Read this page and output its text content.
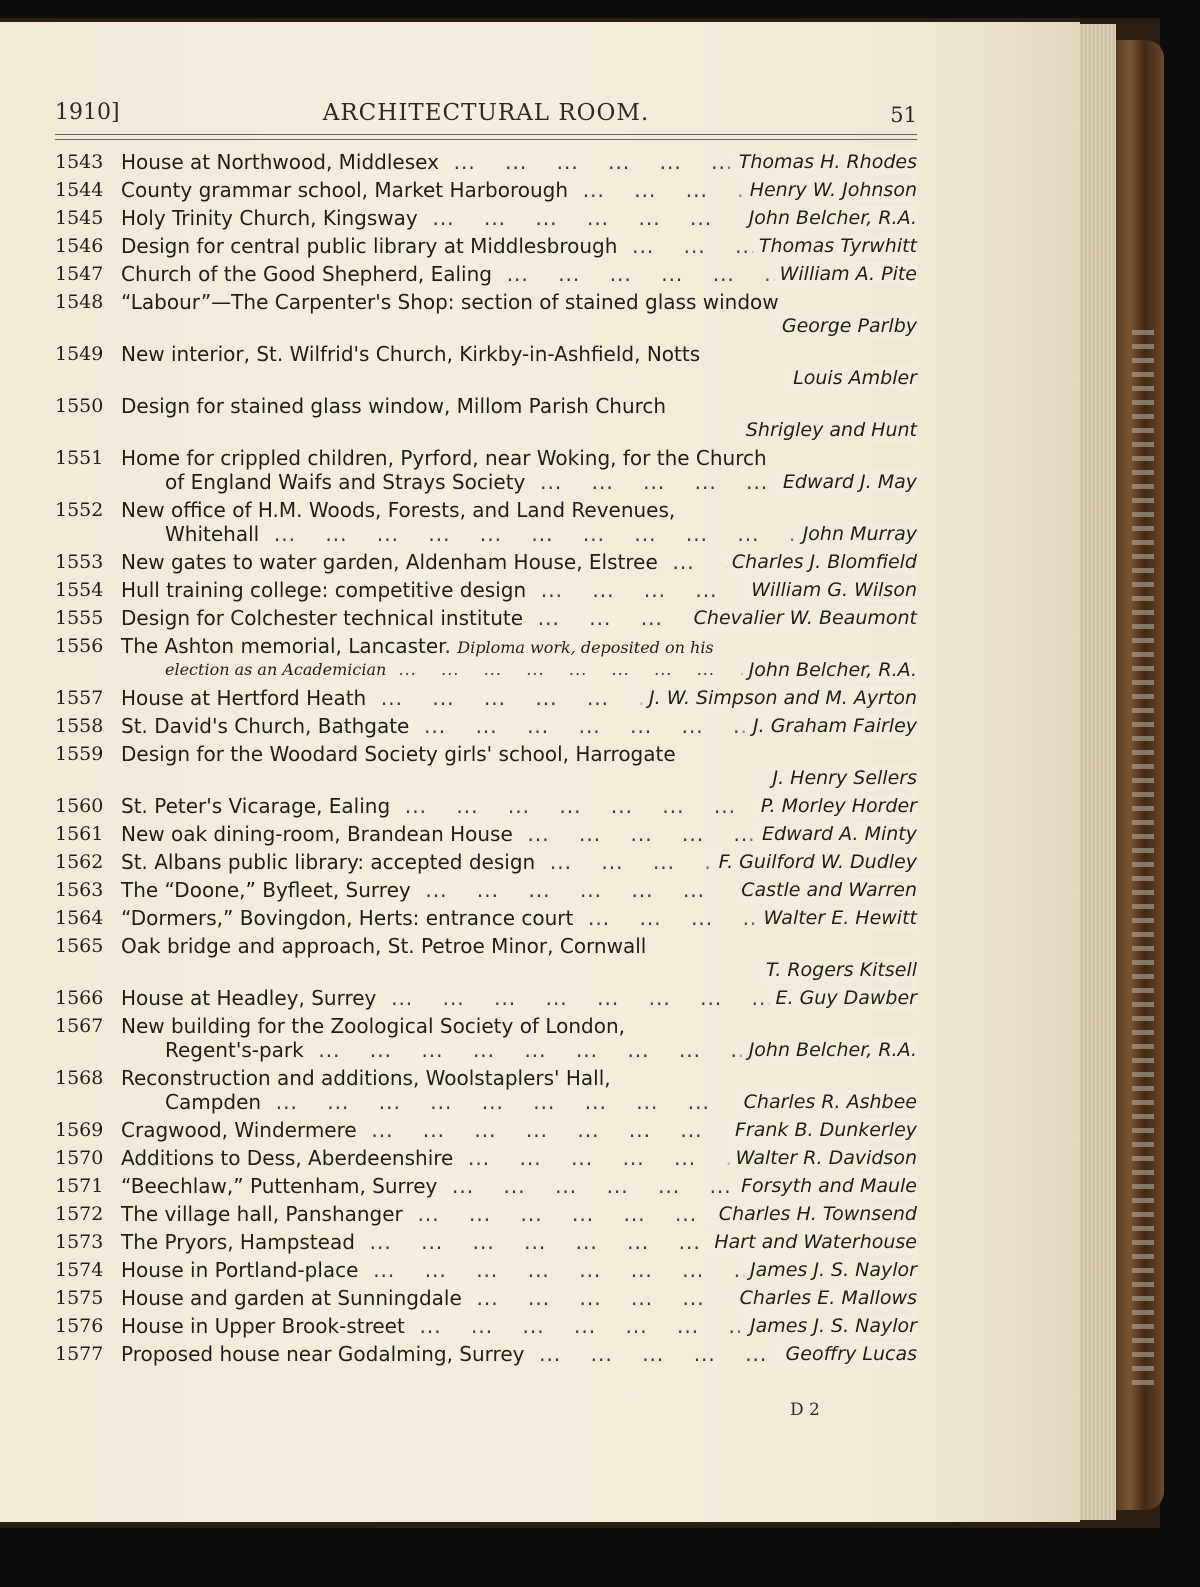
1910]	ARCHITECTURAL ROOM.	51
1543 House at Northwood, Middlesex ...	Thomas H. Rhodes
1544 County grammar school, Market Harborough ...	Henry W. Johnson
1545 Holy Trinity Church, Kingsway ...	John Belcher, R.A.
1546 Design for central public library at Middlesbrough ...	Thomas Tyrwhitt
1547 Church of the Good Shepherd, Ealing ...	William A. Pite
1548 “Labour”—The Carpenter's Shop: section of stained glass window
George Parlby
1549 New interior, St. Wilfrid's Church, Kirkby-in-Ashfield, Notts
Louis Ambler
1550 Design for stained glass window, Millom Parish Church
Shrigley and Hunt
1551 Home for crippled children, Pyrford, near Woking, for the Church
of England Waifs and Strays Society ...	Edward J. May
1552 New office of H.M. Woods, Forests, and Land Revenues,
Whitehall ...	John Murray
1553 New gates to water garden, Aldenham House, Elstree ...	Charles J. Blomfield
1554 Hull training college: competitive design ...	William G. Wilson
1555 Design for Colchester technical institute ...	Chevalier W. Beaumont
1556 The Ashton memorial, Lancaster. Diploma work, deposited on his
election as an Academician ...	John Belcher, R.A.
1557 House at Hertford Heath ...	J. W. Simpson and M. Ayrton
1558 St. David's Church, Bathgate ...	J. Graham Fairley
1559 Design for the Woodard Society girls' school, Harrogate
J. Henry Sellers
1560 St. Peter's Vicarage, Ealing ...	P. Morley Horder
1561 New oak dining-room, Brandean House ...	Edward A. Minty
1562 St. Albans public library: accepted design ...	F. Guilford W. Dudley
1563 The “Doone,” Byfleet, Surrey ...	Castle and Warren
1564 “Dormers,” Bovingdon, Herts: entrance court ...	Walter E. Hewitt
1565 Oak bridge and approach, St. Petroe Minor, Cornwall
T. Rogers Kitsell
1566 House at Headley, Surrey ...	E. Guy Dawber
1567 New building for the Zoological Society of London,
Regent's-park ...	John Belcher, R.A.
1568 Reconstruction and additions, Woolstaplers' Hall,
Campden ...	Charles R. Ashbee
1569 Cragwood, Windermere ...	Frank B. Dunkerley
1570 Additions to Dess, Aberdeenshire ...	Walter R. Davidson
1571 “Beechlaw,” Puttenham, Surrey ...	Forsyth and Maule
1572 The village hall, Panshanger ...	Charles H. Townsend
1573 The Pryors, Hampstead ...	Hart and Waterhouse
1574 House in Portland-place ...	James J. S. Naylor
1575 House and garden at Sunningdale ...	Charles E. Mallows
1576 House in Upper Brook-street ...	James J. S. Naylor
1577 Proposed house near Godalming, Surrey ...	Geoffry Lucas
D 2
